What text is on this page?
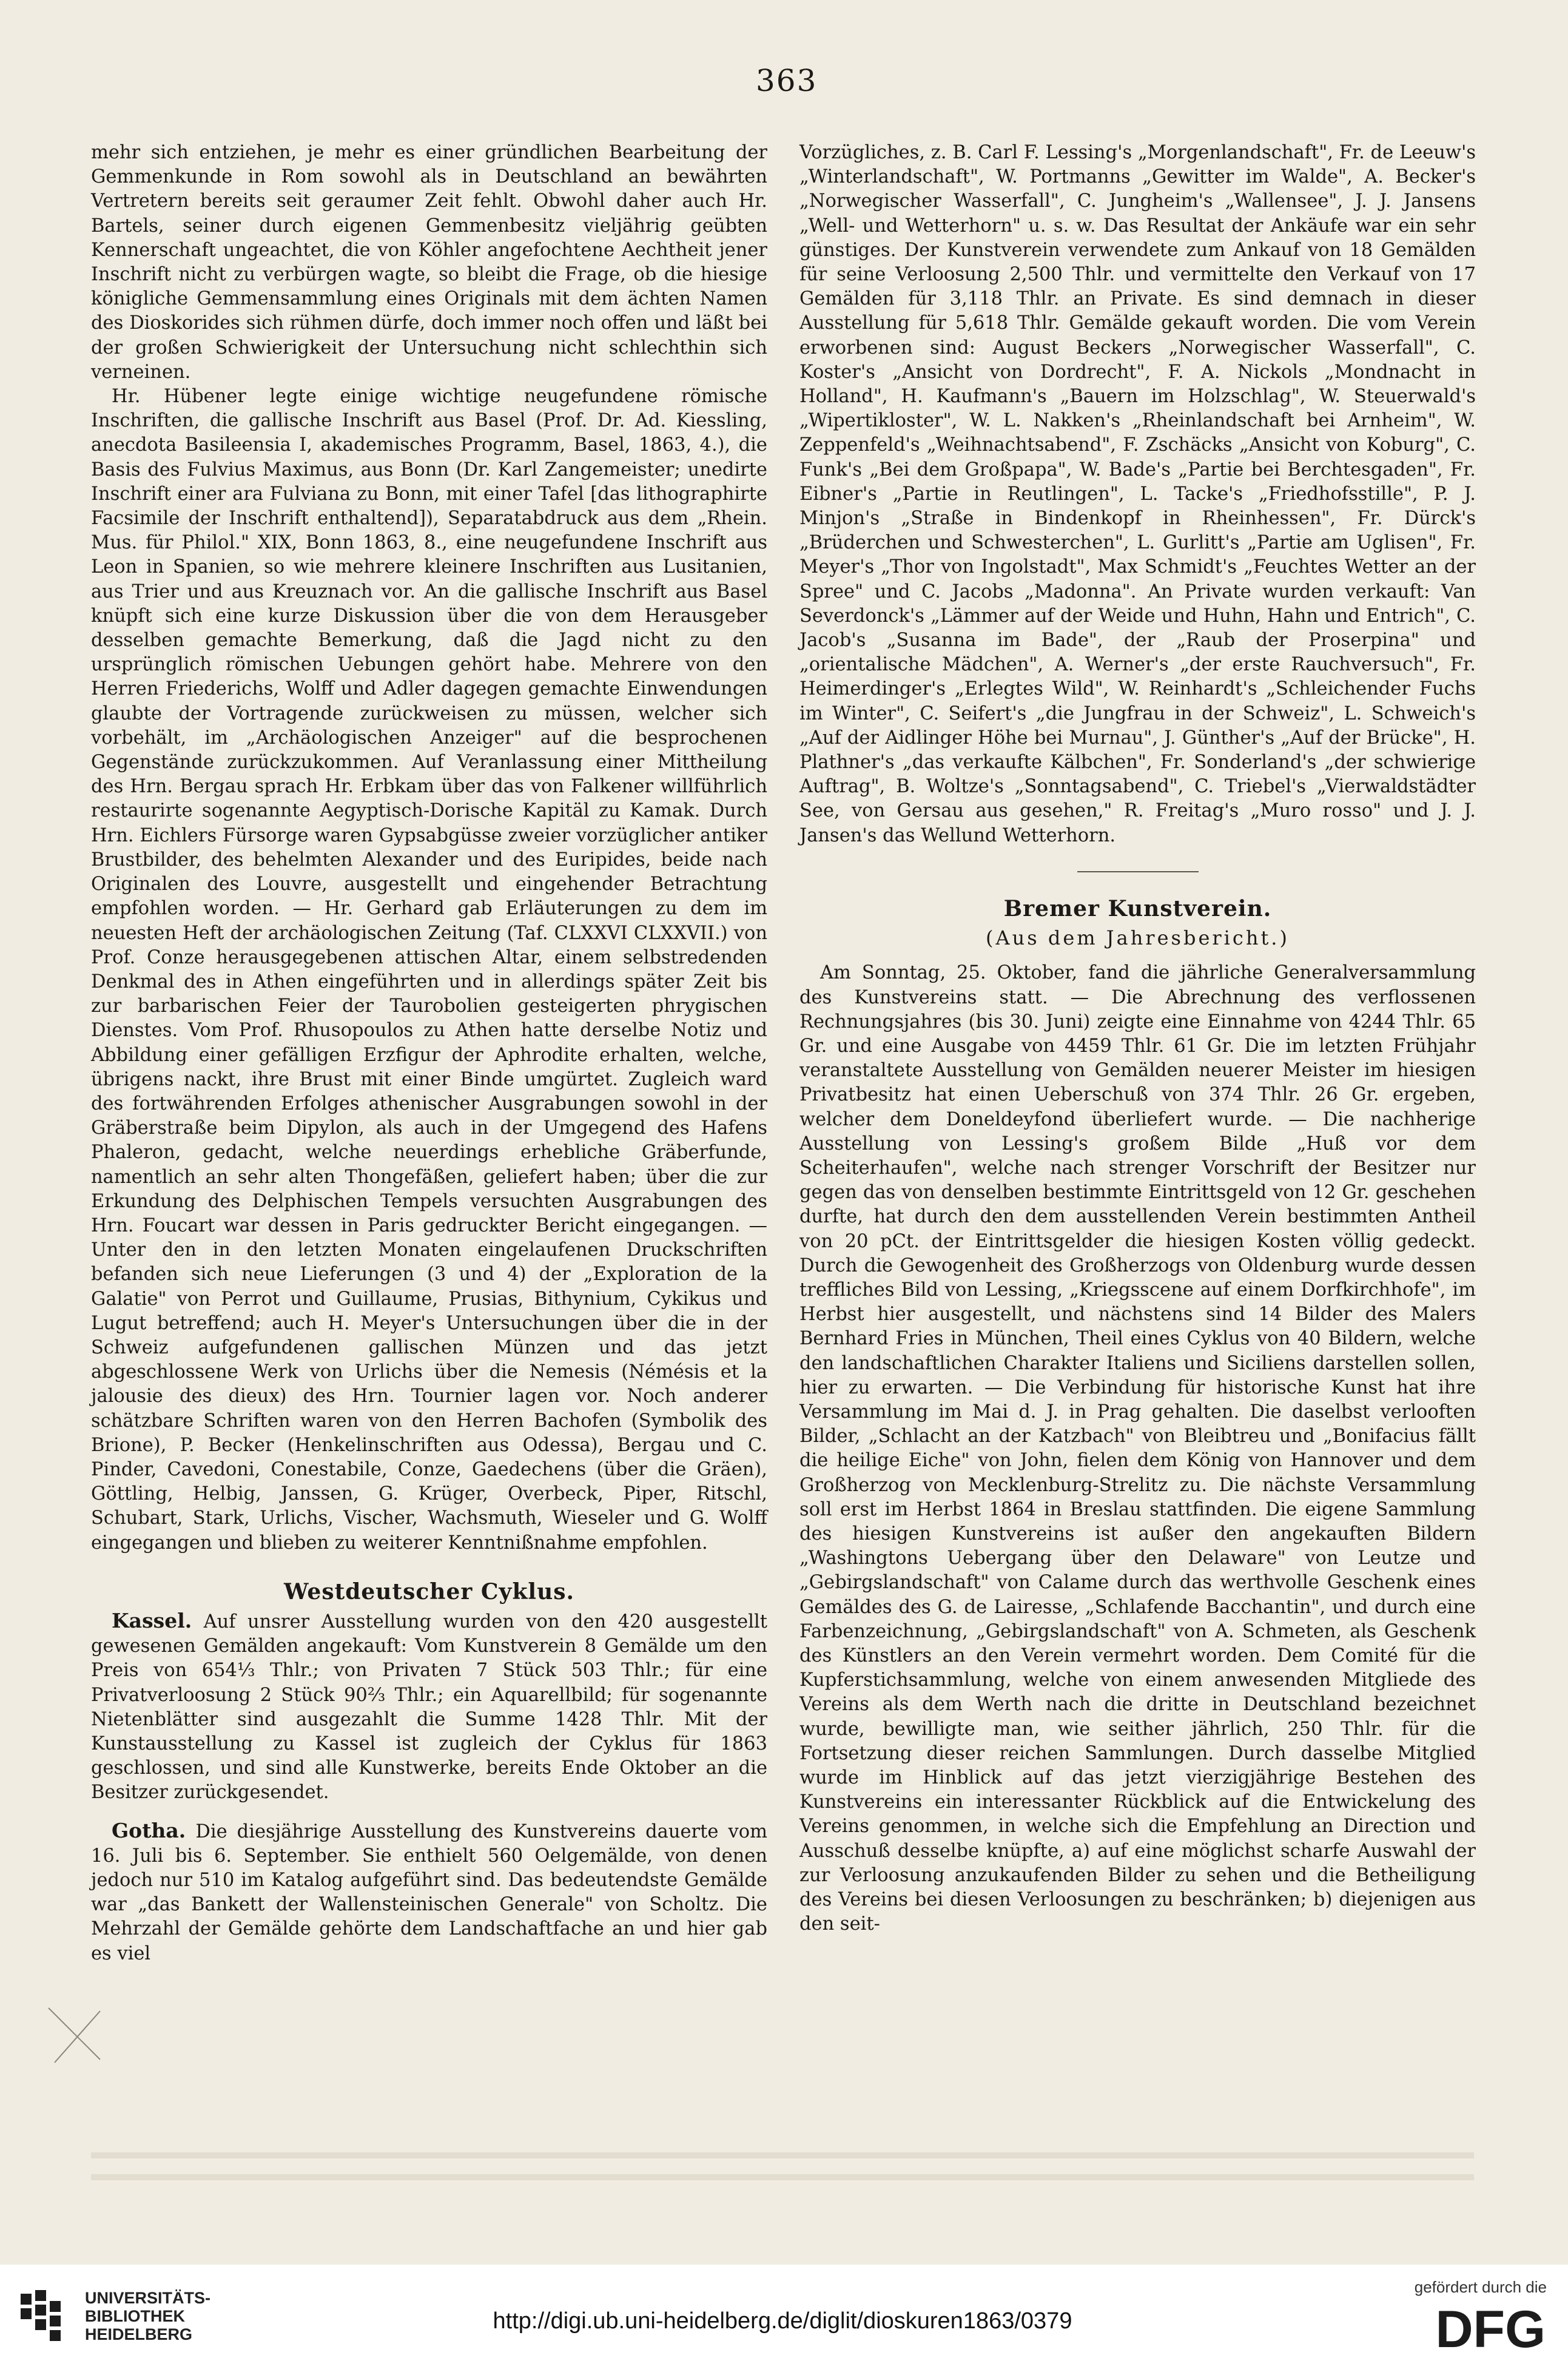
363

mehr sich entziehen, je mehr es einer gründlichen Bearbeitung der Gemmenkunde in Rom sowohl als in Deutschland an bewährten Vertretern bereits seit geraumer Zeit fehlt. Obwohl daher auch Hr. Bartels, seiner durch eigenen Gemmenbesitz vieljährig geübten Kennerschaft ungeachtet, die von Köhler angefochtene Aechtheit jener Inschrift nicht zu verbürgen wagte, so bleibt die Frage, ob die hiesige königliche Gemmensammlung eines Originals mit dem ächten Namen des Dioskorides sich rühmen dürfe, doch immer noch offen und läßt bei der großen Schwierigkeit der Untersuchung nicht schlechthin sich verneinen.

Hr. Hübener legte einige wichtige neugefundene römische Inschriften, die gallische Inschrift aus Basel (Prof. Dr. Ad. Kiessling, anecdota Basileensia I, akademisches Programm, Basel, 1863, 4.), die Basis des Fulvius Maximus, aus Bonn (Dr. Karl Zangemeister; unedirte Inschrift einer ara Fulviana zu Bonn, mit einer Tafel [das lithographirte Facsimile der Inschrift enthaltend]), Separatabdruck aus dem „Rhein. Mus. für Philol." XIX, Bonn 1863, 8., eine neugefundene Inschrift aus Leon in Spanien, so wie mehrere kleinere Inschriften aus Lusitanien, aus Trier und aus Kreuznach vor. An die gallische Inschrift aus Basel knüpft sich eine kurze Diskussion über die von dem Herausgeber desselben gemachte Bemerkung, daß die Jagd nicht zu den ursprünglich römischen Uebungen gehört habe. Mehrere von den Herren Friederichs, Wolff und Adler dagegen gemachte Einwendungen glaubte der Vortragende zurückweisen zu müssen, welcher sich vorbehält, im „Archäologischen Anzeiger" auf die besprochenen Gegenstände zurückzukommen. Auf Veranlassung einer Mittheilung des Hrn. Bergau sprach Hr. Erbkam über das von Falkener willführlich restaurirte sogenannte Aegyptisch-Dorische Kapitäl zu Kamak. Durch Hrn. Eichlers Fürsorge waren Gypsabgüsse zweier vorzüglicher antiker Brustbilder, des behelmten Alexander und des Euripides, beide nach Originalen des Louvre, ausgestellt und eingehender Betrachtung empfohlen worden. — Hr. Gerhard gab Erläuterungen zu dem im neuesten Heft der archäologischen Zeitung (Taf. CLXXVI CLXXVII.) von Prof. Conze herausgegebenen attischen Altar, einem selbstredenden Denkmal des in Athen eingeführten und in allerdings später Zeit bis zur barbarischen Feier der Taurobolien gesteigerten phrygischen Dienstes. Vom Prof. Rhusopoulos zu Athen hatte derselbe Notiz und Abbildung einer gefälligen Erzfigur der Aphrodite erhalten, welche, übrigens nackt, ihre Brust mit einer Binde umgürtet. Zugleich ward des fortwährenden Erfolges athenischer Ausgrabungen sowohl in der Gräberstraße beim Dipylon, als auch in der Umgegend des Hafens Phaleron, gedacht, welche neuerdings erhebliche Gräberfunde, namentlich an sehr alten Thongefäßen, geliefert haben; über die zur Erkundung des Delphischen Tempels versuchten Ausgrabungen des Hrn. Foucart war dessen in Paris gedruckter Bericht eingegangen. — Unter den in den letzten Monaten eingelaufenen Druckschriften befanden sich neue Lieferungen (3 und 4) der „Exploration de la Galatie" von Perrot und Guillaume, Prusias, Bithynium, Cykikus und Lugut betreffend; auch H. Meyer's Untersuchungen über die in der Schweiz aufgefundenen gallischen Münzen und das jetzt abgeschlossene Werk von Urlichs über die Nemesis (Némésis et la jalousie des dieux) des Hrn. Tournier lagen vor. Noch anderer schätzbare Schriften waren von den Herren Bachofen (Symbolik des Brione), P. Becker (Henkelinschriften aus Odessa), Bergau und C. Pinder, Cavedoni, Conestabile, Conze, Gaedechens (über die Gräen), Göttling, Helbig, Janssen, G. Krüger, Overbeck, Piper, Ritschl, Schubart, Stark, Urlichs, Vischer, Wachsmuth, Wieseler und G. Wolff eingegangen und blieben zu weiterer Kenntnißnahme empfohlen.

Westdeutscher Cyklus.

Kassel. Auf unsrer Ausstellung wurden von den 420 ausgestellt gewesenen Gemälden angekauft: Vom Kunstverein 8 Gemälde um den Preis von 654⅓ Thlr.; von Privaten 7 Stück 503 Thlr.; für eine Privatverloosung 2 Stück 90⅔ Thlr.; ein Aquarellbild; für sogenannte Nietenblätter sind ausgezahlt die Summe 1428 Thlr. Mit der Kunstausstellung zu Kassel ist zugleich der Cyklus für 1863 geschlossen, und sind alle Kunstwerke, bereits Ende Oktober an die Besitzer zurückgesendet.

Gotha. Die diesjährige Ausstellung des Kunstvereins dauerte vom 16. Juli bis 6. September. Sie enthielt 560 Oelgemälde, von denen jedoch nur 510 im Katalog aufgeführt sind. Das bedeutendste Gemälde war „das Bankett der Wallensteinischen Generale" von Scholtz. Die Mehrzahl der Gemälde gehörte dem Landschaftfache an und hier gab es viel

Vorzügliches, z. B. Carl F. Lessing's „Morgenlandschaft", Fr. de Leeuw's „Winterlandschaft", W. Portmanns „Gewitter im Walde", A. Becker's „Norwegischer Wasserfall", C. Jungheim's „Wallensee", J. J. Jansens „Well- und Wetterhorn" u. s. w. Das Resultat der Ankäufe war ein sehr günstiges. Der Kunstverein verwendete zum Ankauf von 18 Gemälden für seine Verloosung 2,500 Thlr. und vermittelte den Verkauf von 17 Gemälden für 3,118 Thlr. an Private. Es sind demnach in dieser Ausstellung für 5,618 Thlr. Gemälde gekauft worden. Die vom Verein erworbenen sind: August Beckers „Norwegischer Wasserfall", C. Koster's „Ansicht von Dordrecht", F. A. Nickols „Mondnacht in Holland", H. Kaufmann's „Bauern im Holzschlag", W. Steuerwald's „Wipertikloster", W. L. Nakken's „Rheinlandschaft bei Arnheim", W. Zeppenfeld's „Weihnachtsabend", F. Zschäcks „Ansicht von Koburg", C. Funk's „Bei dem Großpapa", W. Bade's „Partie bei Berchtesgaden", Fr. Eibner's „Partie in Reutlingen", L. Tacke's „Friedhofsstille", P. J. Minjon's „Straße in Bindenkopf in Rheinhessen", Fr. Dürck's „Brüderchen und Schwesterchen", L. Gurlitt's „Partie am Uglisen", Fr. Meyer's „Thor von Ingolstadt", Max Schmidt's „Feuchtes Wetter an der Spree" und C. Jacobs „Madonna". An Private wurden verkauft: Van Severdonck's „Lämmer auf der Weide und Huhn, Hahn und Entrich", C. Jacob's „Susanna im Bade", der „Raub der Proserpina" und „orientalische Mädchen", A. Werner's „der erste Rauchversuch", Fr. Heimerdinger's „Erlegtes Wild", W. Reinhardt's „Schleichender Fuchs im Winter", C. Seifert's „die Jungfrau in der Schweiz", L. Schweich's „Auf der Aidlinger Höhe bei Murnau", J. Günther's „Auf der Brücke", H. Plathner's „das verkaufte Kälbchen", Fr. Sonderland's „der schwierige Auftrag", B. Woltze's „Sonntagsabend", C. Triebel's „Vierwaldstädter See, von Gersau aus gesehen," R. Freitag's „Muro rosso" und J. J. Jansen's das Wellund Wetterhorn.

Bremer Kunstverein.
(Aus dem Jahresbericht.)

Am Sonntag, 25. Oktober, fand die jährliche Generalversammlung des Kunstvereins statt. — Die Abrechnung des verflossenen Rechnungsjahres (bis 30. Juni) zeigte eine Einnahme von 4244 Thlr. 65 Gr. und eine Ausgabe von 4459 Thlr. 61 Gr. Die im letzten Frühjahr veranstaltete Ausstellung von Gemälden neuerer Meister im hiesigen Privatbesitz hat einen Ueberschuß von 374 Thlr. 26 Gr. ergeben, welcher dem Doneldeyfond überliefert wurde. — Die nachherige Ausstellung von Lessing's großem Bilde „Huß vor dem Scheiterhaufen", welche nach strenger Vorschrift der Besitzer nur gegen das von denselben bestimmte Eintrittsgeld von 12 Gr. geschehen durfte, hat durch den dem ausstellenden Verein bestimmten Antheil von 20 pCt. der Eintrittsgelder die hiesigen Kosten völlig gedeckt. Durch die Gewogenheit des Großherzogs von Oldenburg wurde dessen treffliches Bild von Lessing, „Kriegsscene auf einem Dorfkirchhofe", im Herbst hier ausgestellt, und nächstens sind 14 Bilder des Malers Bernhard Fries in München, Theil eines Cyklus von 40 Bildern, welche den landschaftlichen Charakter Italiens und Siciliens darstellen sollen, hier zu erwarten. — Die Verbindung für historische Kunst hat ihre Versammlung im Mai d. J. in Prag gehalten. Die daselbst verlooften Bilder, „Schlacht an der Katzbach" von Bleibtreu und „Bonifacius fällt die heilige Eiche" von John, fielen dem König von Hannover und dem Großherzog von Mecklenburg-Strelitz zu. Die nächste Versammlung soll erst im Herbst 1864 in Breslau stattfinden. Die eigene Sammlung des hiesigen Kunstvereins ist außer den angekauften Bildern „Washingtons Uebergang über den Delaware" von Leutze und „Gebirgslandschaft" von Calame durch das werthvolle Geschenk eines Gemäldes des G. de Lairesse, „Schlafende Bacchantin", und durch eine Farbenzeichnung, „Gebirgslandschaft" von A. Schmeten, als Geschenk des Künstlers an den Verein vermehrt worden. Dem Comité für die Kupferstichsammlung, welche von einem anwesenden Mitgliede des Vereins als dem Werth nach die dritte in Deutschland bezeichnet wurde, bewilligte man, wie seither jährlich, 250 Thlr. für die Fortsetzung dieser reichen Sammlungen. Durch dasselbe Mitglied wurde im Hinblick auf das jetzt vierzigjährige Bestehen des Kunstvereins ein interessanter Rückblick auf die Entwickelung des Vereins genommen, in welche sich die Empfehlung an Direction und Ausschuß desselbe knüpfte, a) auf eine möglichst scharfe Auswahl der zur Verloosung anzukaufenden Bilder zu sehen und die Betheiligung des Vereins bei diesen Verloosungen zu beschränken; b) diejenigen aus den seit-

UNIVERSITÄTS-
BIBLIOTHEK
HEIDELBERG
http://digi.ub.uni-heidelberg.de/diglit/dioskuren1863/0379
gefördert durch die
DFG
